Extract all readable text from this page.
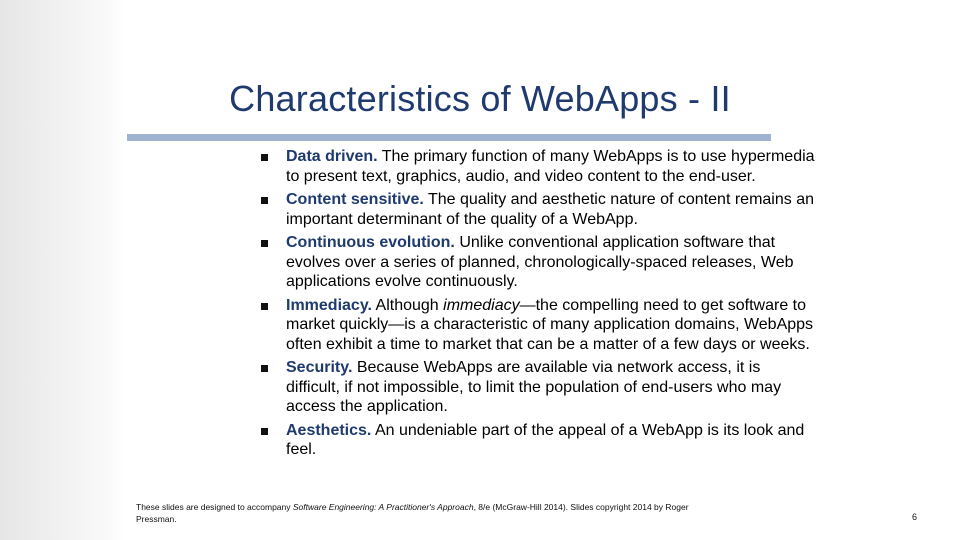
Characteristics of WebApps - II
Data driven. The primary function of many WebApps is to use hypermedia to present text, graphics, audio, and video content to the end-user.
Content sensitive. The quality and aesthetic nature of content remains an important determinant of the quality of a WebApp.
Continuous evolution. Unlike conventional application software that evolves over a series of planned, chronologically-spaced releases, Web applications evolve continuously.
Immediacy. Although immediacy—the compelling need to get software to market quickly—is a characteristic of many application domains, WebApps often exhibit a time to market that can be a matter of a few days or weeks.
Security. Because WebApps are available via network access, it is difficult, if not impossible, to limit the population of end-users who may access the application.
Aesthetics. An undeniable part of the appeal of a WebApp is its look and feel.
These slides are designed to accompany Software Engineering: A Practitioner's Approach, 8/e (McGraw-Hill 2014). Slides copyright 2014 by Roger Pressman.	6
